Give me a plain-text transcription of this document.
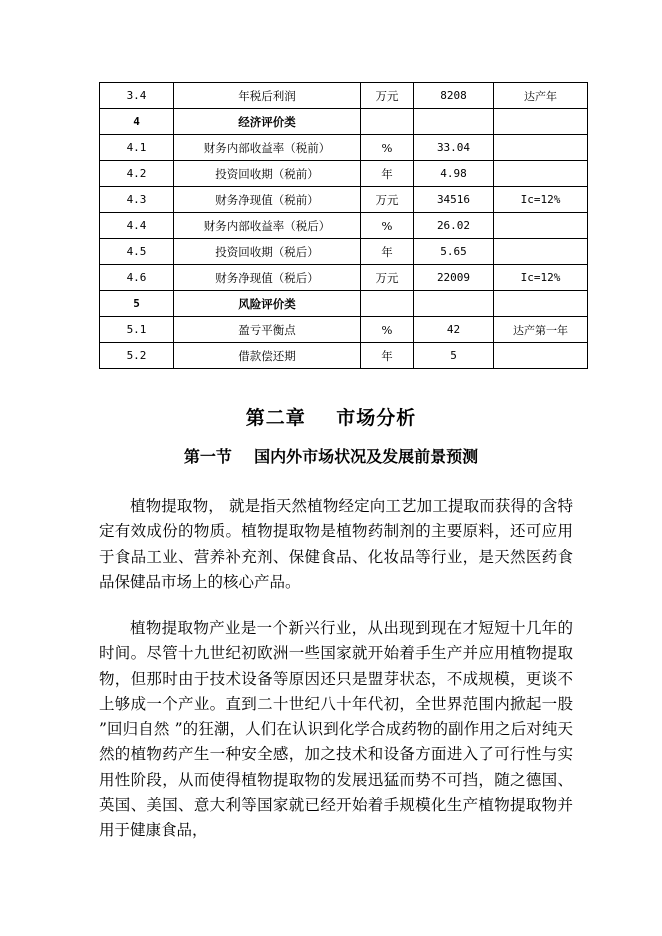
3.4	年税后利润	万元	8208	达产年
4	经济评价类			
4.1	财务内部收益率（税前）	%	33.04	
4.2	投资回收期（税前）	年	4.98	
4.3	财务净现值（税前）	万元	34516	Ic=12%
4.4	财务内部收益率（税后）	%	26.02	
4.5	投资回收期（税后）	年	5.65	
4.6	财务净现值（税后）	万元	22009	Ic=12%
5	风险评价类			
5.1	盈亏平衡点	%	42	达产第一年
5.2	借款偿还期	年	5	
第二章    市场分析
第一节    国内外市场状况及发展前景预测

植物提取物， 就是指天然植物经定向工艺加工提取而获得的含特定有效成份的物质。植物提取物是植物药制剂的主要原料，还可应用于食品工业、营养补充剂、保健食品、化妆品等行业，是天然医药食品保健品市场上的核心产品。

植物提取物产业是一个新兴行业，从出现到现在才短短十几年的时间。尽管十九世纪初欧洲一些国家就开始着手生产并应用植物提取物，但那时由于技术设备等原因还只是盟芽状态，不成规模，更谈不上够成一个产业。直到二十世纪八十年代初，全世界范围内掀起一股 ”回归自然 ”的狂潮，人们在认识到化学合成药物的副作用之后对纯天然的植物药产生一种安全感，加之技术和设备方面进入了可行性与实用性阶段，从而使得植物提取物的发展迅猛而势不可挡，随之德国、英国、美国、意大利等国家就已经开始着手规模化生产植物提取物并用于健康食品，
